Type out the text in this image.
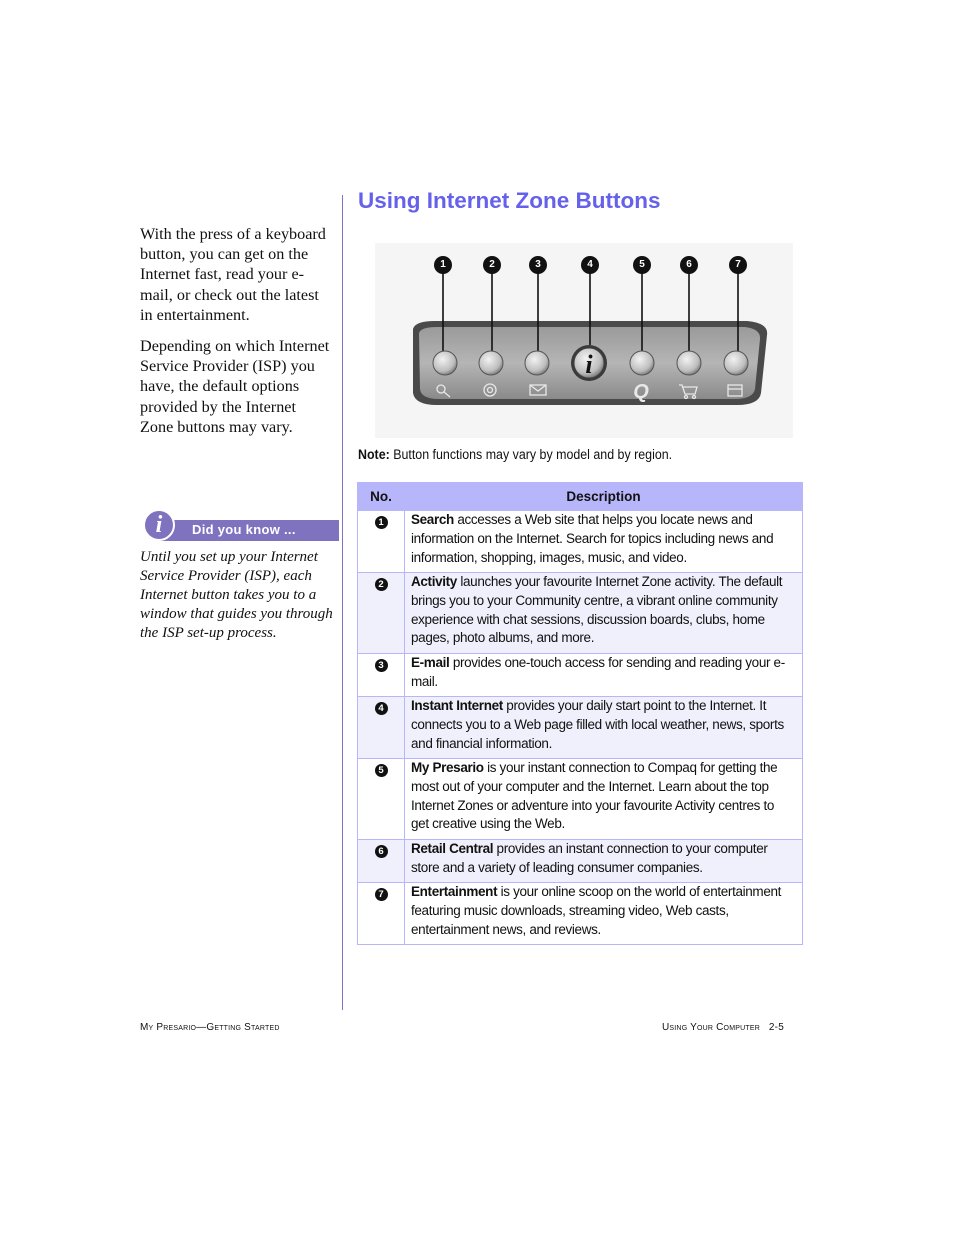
With the press of a keyboard button, you can get on the Internet fast, read your e-mail, or check out the latest in entertainment.

Depending on which Internet Service Provider (ISP) you have, the default options provided by the Internet Zone buttons may vary.

i	Did you know ...
Until you set up your Internet Service Provider (ISP), each Internet button takes you to a window that guides you through the ISP set-up process.
Using Internet Zone Buttons
i
Q
1	2	3	4	5	6	7
Note: Button functions may vary by model and by region.
No.	Description
1	Search accesses a Web site that helps you locate news and information on the Internet. Search for topics including news and information, shopping, images, music, and video.

2	Activity launches your favourite Internet Zone activity. The default brings you to your Community centre, a vibrant online community experience with chat sessions, discussion boards, clubs, home pages, photo albums, and more.

3	E-mail provides one-touch access for sending and reading your e-mail.

4	Instant Internet provides your daily start point to the Internet. It connects you to a Web page filled with local weather, news, sports and financial information.

5	My Presario is your instant connection to Compaq for getting the most out of your computer and the Internet. Learn about the top Internet Zones or adventure into your favourite Activity centres to get creative using the Web.

6	Retail Central provides an instant connection to your computer store and a variety of leading consumer companies.

7	Entertainment is your online scoop on the world of entertainment featuring music downloads, streaming video, Web casts, entertainment news, and reviews.
My Presario—Getting Started	Using Your Computer 2-5
